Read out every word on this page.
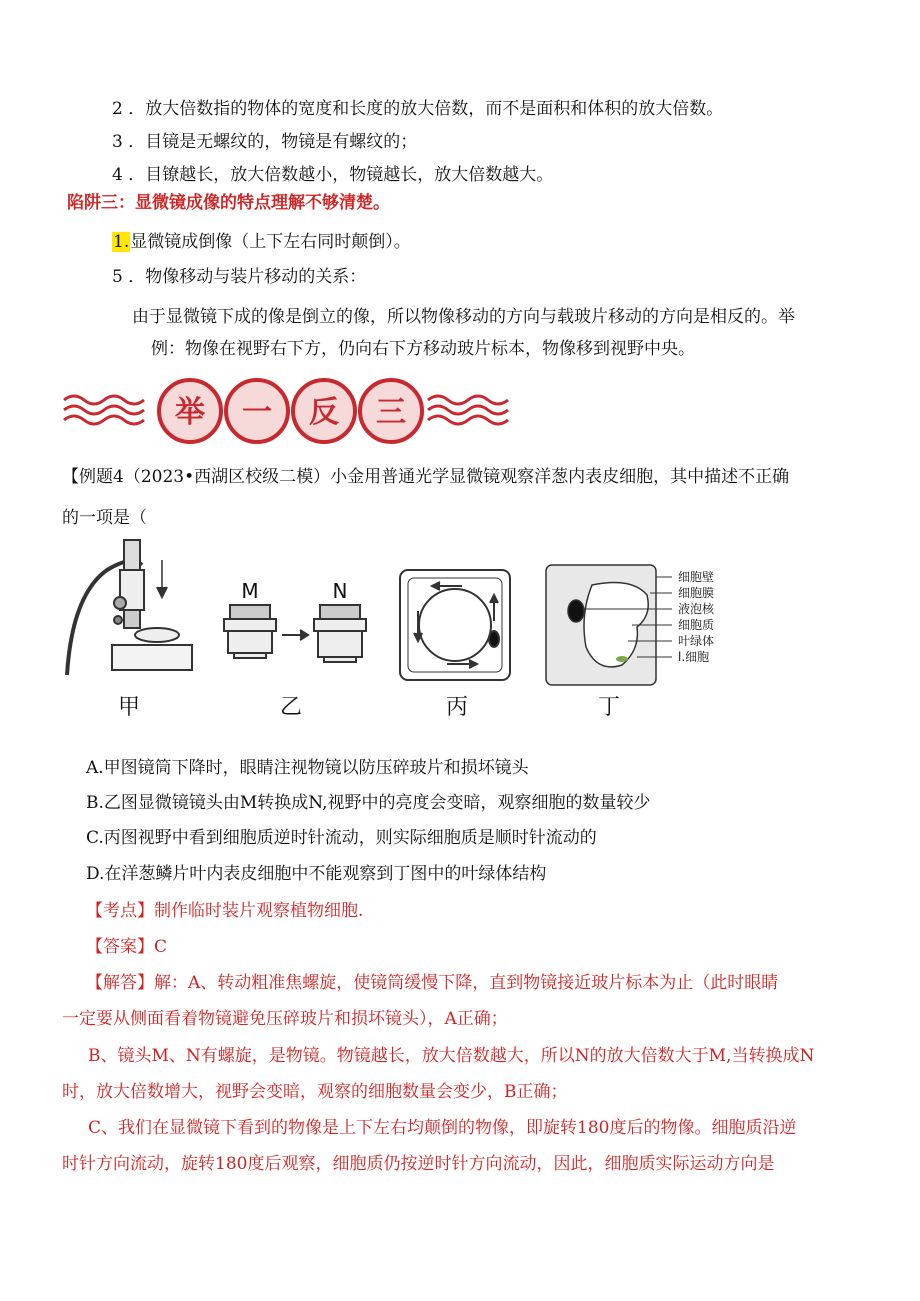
2 ．放大倍数指的物体的宽度和长度的放大倍数，而不是面积和体积的放大倍数。
3 ．目镜是无螺纹的，物镜是有螺纹的；
4 ．目镣越长，放大倍数越小，物镜越长，放大倍数越大。
陷阱三：显微镜成像的特点理解不够清楚。
1.显微镜成倒像（上下左右同时颠倒）。
5 ．物像移动与装片移动的关系：
由于显微镜下成的像是倒立的像，所以物像移动的方向与载玻片移动的方向是相反的。举
例：物像在视野右下方，仍向右下方移动玻片标本，物像移到视野中央。
举 一 反 三
【例题4（2023•西湖区校级二模）小金用普通光学显微镜观察洋葱内表皮细胞，其中描述不正确
的一项是（
M	N
细胞壁
细胞膜
液泡核
细胞质
叶绿体
l.细胞
甲	乙	丙	丁
A.甲图镜筒下降时，眼睛注视物镜以防压碎玻片和损坏镜头
B.乙图显微镜镜头由M转换成N,视野中的亮度会变暗，观察细胞的数量较少
C.丙图视野中看到细胞质逆时针流动，则实际细胞质是顺时针流动的
D.在洋葱鳞片叶内表皮细胞中不能观察到丁图中的叶绿体结构
【考点】制作临时装片观察植物细胞.
【答案】C
【解答】解：A、转动粗准焦螺旋，使镜筒缓慢下降，直到物镜接近玻片标本为止（此时眼睛
一定要从侧面看着物镜避免压碎玻片和损坏镜头），A正确；
B、镜头M、N有螺旋，是物镜。物镜越长，放大倍数越大，所以N的放大倍数大于M,当转换成N
时，放大倍数增大，视野会变暗，观察的细胞数量会变少，B正确；
C、我们在显微镜下看到的物像是上下左右均颠倒的物像，即旋转180度后的物像。细胞质沿逆
时针方向流动，旋转180度后观察，细胞质仍按逆时针方向流动，因此，细胞质实际运动方向是
